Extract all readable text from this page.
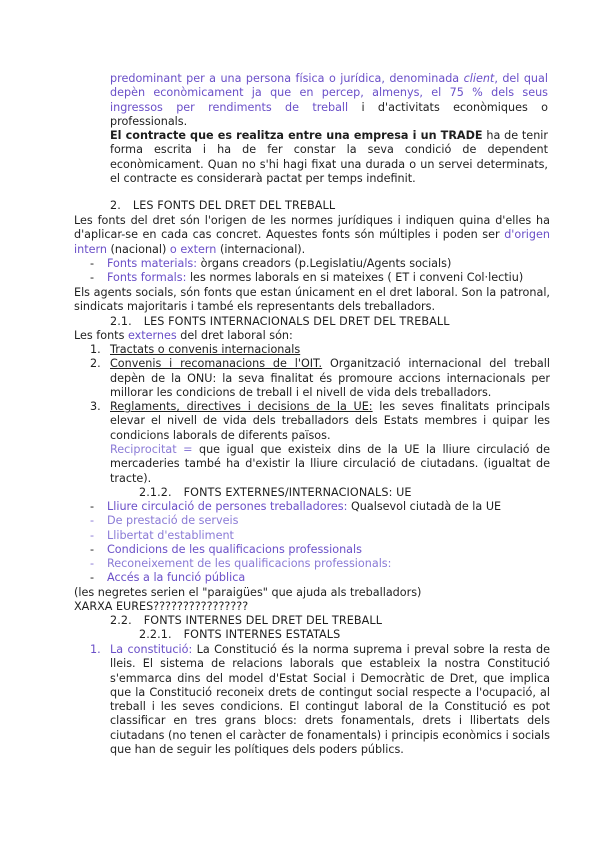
predominant per a una persona física o jurídica, denominada client, del qual depèn econòmicament ja que en percep, almenys, el 75 % dels seus ingressos per rendiments de treball i d'activitats econòmiques o professionals.
El contracte que es realitza entre una empresa i un TRADE ha de tenir forma escrita i ha de fer constar la seva condició de dependent econòmicament. Quan no s'hi hagi fixat una durada o un servei determinats, el contracte es considerarà pactat per temps indefinit.
2. LES FONTS DEL DRET DEL TREBALL
Les fonts del dret són l'origen de les normes jurídiques i indiquen quina d'elles ha d'aplicar-se en cada cas concret. Aquestes fonts són múltiples i poden ser d'origen intern (nacional) o extern (internacional).
- Fonts materials: òrgans creadors (p.Legislatiu/Agents socials)
- Fonts formals: les normes laborals en si mateixes ( ET i conveni Col·lectiu)
Els agents socials, són fonts que estan únicament en el dret laboral. Son la patronal, sindicats majoritaris i també els representants dels treballadors.
2.1. LES FONTS INTERNACIONALS DEL DRET DEL TREBALL
Les fonts externes del dret laboral són:
1. Tractats o convenis internacionals
2. Convenis i recomanacions de l'OIT. Organització internacional del treball depèn de la ONU: la seva finalitat és promoure accions internacionals per millorar les condicions de treball i el nivell de vida dels treballadors.
3. Reglaments, directives i decisions de la UE: les seves finalitats principals elevar el nivell de vida dels treballadors dels Estats membres i quipar les condicions laborals de diferents països.
Reciprocitat = que igual que existeix dins de la UE la lliure circulació de mercaderies també ha d'existir la lliure circulació de ciutadans. (igualtat de tracte).
2.1.2. FONTS EXTERNES/INTERNACIONALS: UE
- Lliure circulació de persones treballadores: Qualsevol ciutadà de la UE
- De prestació de serveis
- Llibertat d'establiment
- Condicions de les qualificacions professionals
- Reconeixement de les qualificacions professionals:
- Accés a la funció pública
(les negretes serien el "paraigües" que ajuda als treballadors)
XARXA EURES????????????????
2.2. FONTS INTERNES DEL DRET DEL TREBALL
2.2.1. FONTS INTERNES ESTATALS
1. La constitució: La Constitució és la norma suprema i preval sobre la resta de lleis. El sistema de relacions laborals que estableix la nostra Constitució s'emmarca dins del model d'Estat Social i Democràtic de Dret, que implica que la Constitució reconeix drets de contingut social respecte a l'ocupació, al treball i les seves condicions. El contingut laboral de la Constitució es pot classificar en tres grans blocs: drets fonamentals, drets i llibertats dels ciutadans (no tenen el caràcter de fonamentals) i principis econòmics i socials que han de seguir les polítiques dels poders públics.
